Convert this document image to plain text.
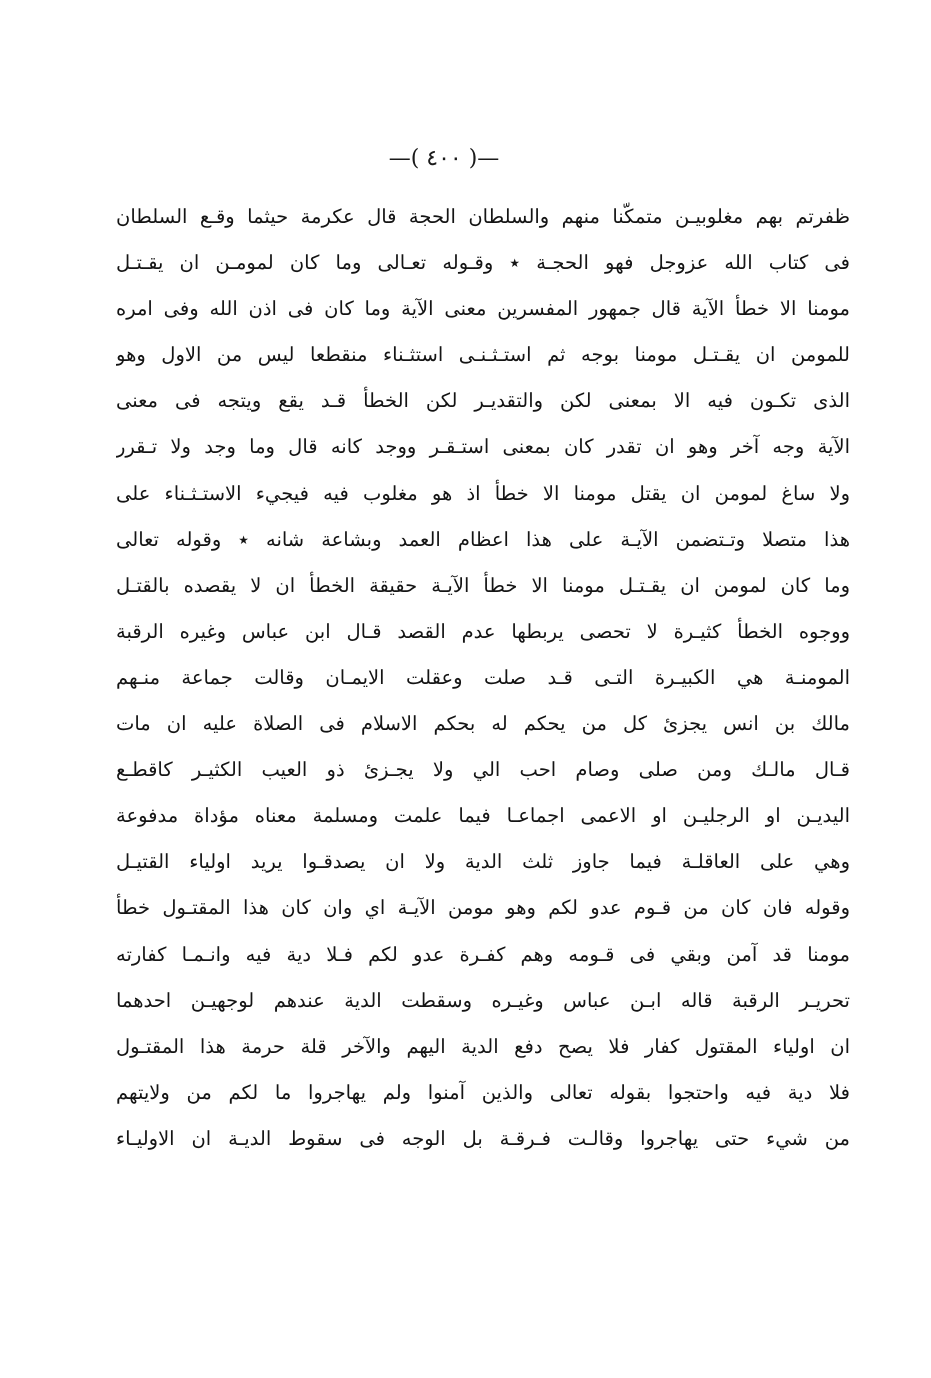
—( ٤٠٠ )—
ظفرتم بهم مغلوبيـن متمكّنا منهم والسلطان الحجة قال عكرمة حيثما وقـع السلطان
فى كتاب الله عزوجل فهو الحجـة ٭ وقـوله تعـالى وما كان لمومـن ان يقـتـل
مومنا الا خطأ الآية قال جمهور المفسرين معنى الآية وما كان فى اذن الله وفى امره
للمومن ان يقـتـل مومنا بوجه ثم استـثـنـى استثـناء منقطعا ليس من الاول وهو
الذى تكـون فيه الا بمعنى لكن والتقديـر لكن الخطأ قـد يقع ويتجه فى معنى
الآية وجه آخر وهو ان تقدر كان بمعنى استـقـر ووجد كانه قال وما وجد ولا تـقرر
ولا ساغ لمومن ان يقتل مومنا الا خطأ اذ هو مغلوب فيه فيجيء الاستـثـناء على
هذا متصلا وتـتضمن الآيـة على هذا اعظام العمد وبشاعة شانه ٭ وقوله تعالى
وما كان لمومن ان يقـتـل مومنا الا خطأ الآيـة حقيقة الخطأ ان لا يقصده بالقتـل
ووجوه الخطأ كثيـرة لا تحصى يربطها عدم القصد قـال ابن عباس وغيره الرقبة
المومنـة هي الكبيـرة التـى قـد صلت وعقلت الايمـان وقالت جماعة منـهم
مالك بن انس يجزئ كل من يحكم له بحكم الاسلام فى الصلاة عليه ان مات
قـال مالـك ومن صلى وصام احب الي ولا يجـزئ ذو العيب الكثيـر كاقطـع
اليديـن او الرجليـن او الاعمى اجماعـا فيما علمت ومسلمة معناه مؤداة مدفوعة
وهي على العاقلـة فيما جاوز ثلث الدية ولا ان يصدقـوا يريد اولياء القتيـل
وقوله فان كان من قـوم عدو لكم وهو مومن الآيـة اي وان كان هذا المقتـول خطأ
مومنا قد آمن وبقي فى قـومه وهم كفـرة عدو لكم فـلا دية فيه وانـمـا كفارته
تحريـر الرقبة قاله ابـن عباس وغيـره وسقطت الدية عندهم لوجهيـن احدهما
ان اولياء المقتول كفار فلا يصح دفع الدية اليهم والآخر قلة حرمة هذا المقتـول
فلا دية فيه واحتجوا بقوله تعالى والذين آمنوا ولم يهاجروا ما لكم من ولايتهم
من شيء حتى يهاجروا وقالـت فـرقـة بل الوجه فى سقوط الديـة ان الاوليـاء
